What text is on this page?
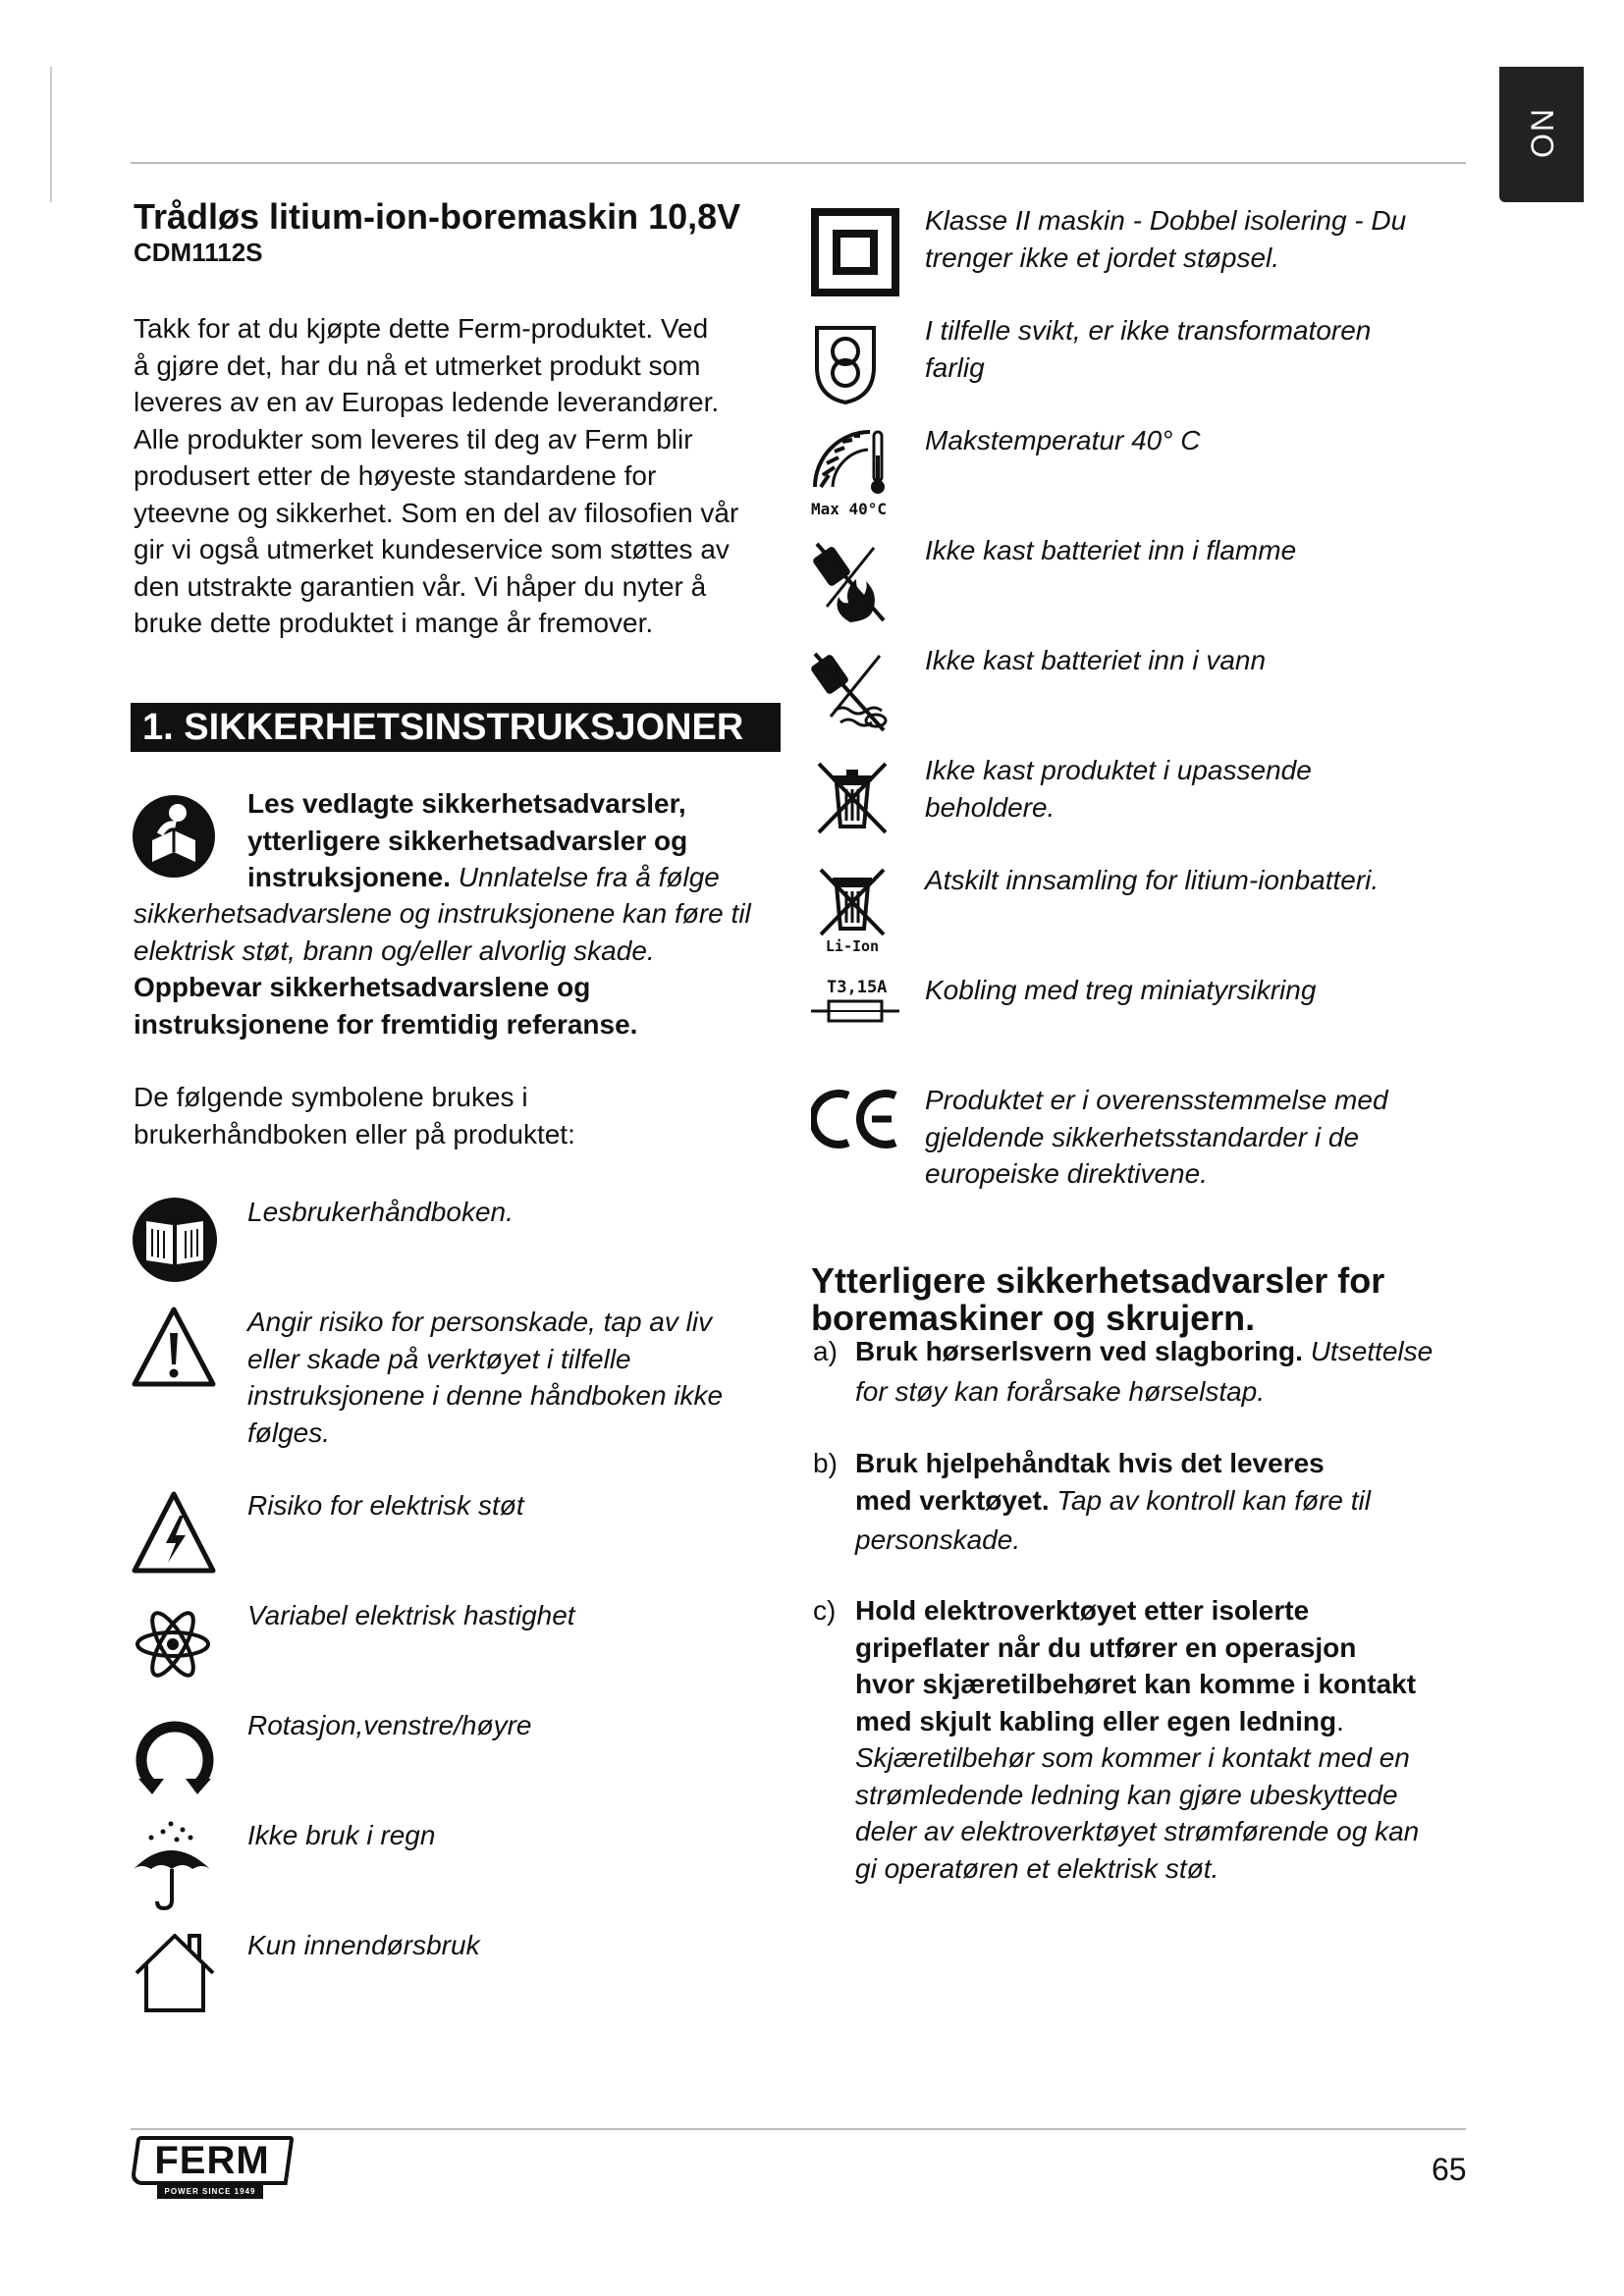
NO
Trådløs litium-ion-boremaskin 10,8V
CDM1112S
Takk for at du kjøpte dette Ferm-produktet. Ved
å gjøre det, har du nå et utmerket produkt som
leveres av en av Europas ledende leverandører.
Alle produkter som leveres til deg av Ferm blir
produsert etter de høyeste standardene for
yteevne og sikkerhet. Som en del av filosofien vår
gir vi også utmerket kundeservice som støttes av
den utstrakte garantien vår. Vi håper du nyter å
bruke dette produktet i mange år fremover.
1. SIKKERHETSINSTRUKSJONER
Les vedlagte sikkerhetsadvarsler,
ytterligere sikkerhetsadvarsler og
instruksjonene. Unnlatelse fra å følge
sikkerhetsadvarslene og instruksjonene kan føre til
elektrisk støt, brann og/eller alvorlig skade.
Oppbevar sikkerhetsadvarslene og
instruksjonene for fremtidig referanse.
De følgende symbolene brukes i
brukerhåndboken eller på produktet:
Lesbrukerhåndboken.
Angir risiko for personskade, tap av liv
eller skade på verktøyet i tilfelle
instruksjonene i denne håndboken ikke
følges.
Risiko for elektrisk støt
Variabel elektrisk hastighet
Rotasjon,venstre/høyre
Ikke bruk i regn
Kun innendørsbruk
Klasse II maskin - Dobbel isolering - Du
trenger ikke et jordet støpsel.
I tilfelle svikt, er ikke transformatoren
farlig
Max 40°C
Makstemperatur 40° C
Ikke kast batteriet inn i flamme
Ikke kast batteriet inn i vann
Ikke kast produktet i upassende
beholdere.
Li-Ion
Atskilt innsamling for litium-ionbatteri.
T3,15A	Kobling med treg miniatyrsikring
Produktet er i overensstemmelse med
gjeldende sikkerhetsstandarder i de
europeiske direktivene.
Ytterligere sikkerhetsadvarsler for
boremaskiner og skrujern.
a) Bruk hørserlsvern ved slagboring. Utsettelse
for støy kan forårsake hørselstap.
b) Bruk hjelpehåndtak hvis det leveres
med verktøyet. Tap av kontroll kan føre til
personskade.
c) Hold elektroverktøyet etter isolerte
gripeflater når du utfører en operasjon
hvor skjæretilbehøret kan komme i kontakt
med skjult kabling eller egen ledning.
Skjæretilbehør som kommer i kontakt med en
strømledende ledning kan gjøre ubeskyttede
deler av elektroverktøyet strømførende og kan
gi operatøren et elektrisk støt.
FERM
POWER SINCE 1949
65
